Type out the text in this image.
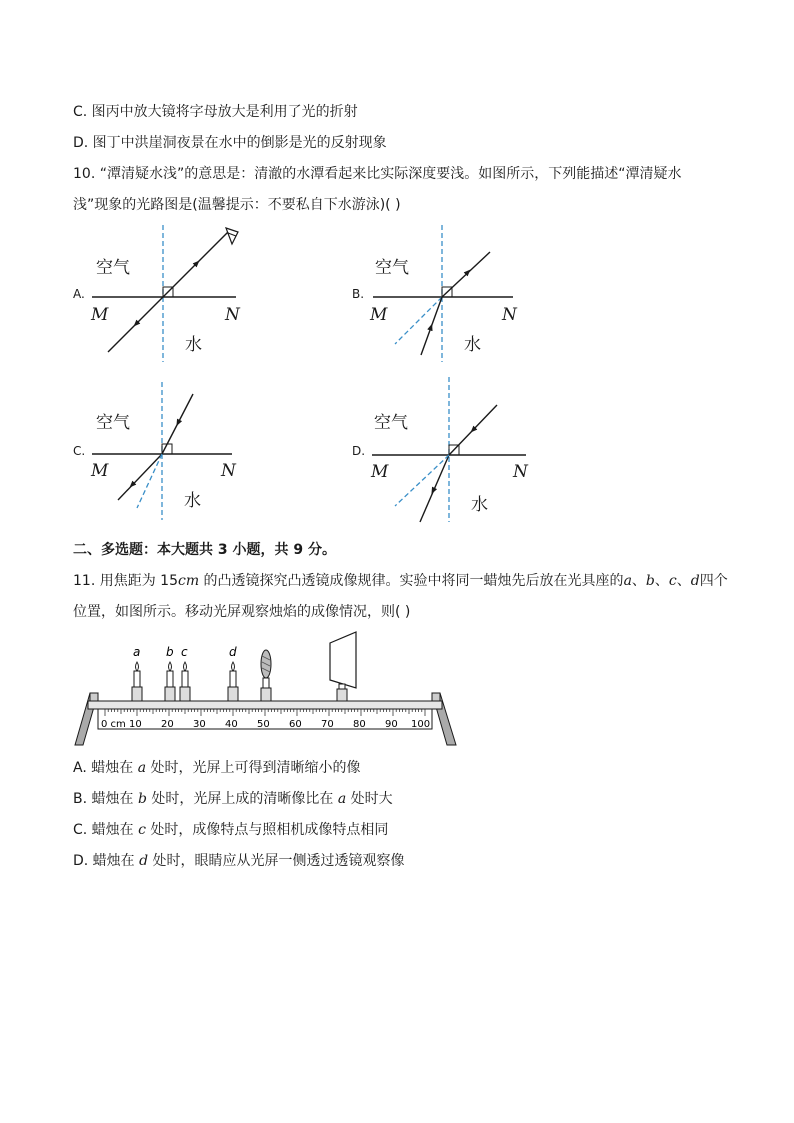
C. 图丙中放大镜将字母放大是利用了光的折射
D. 图丁中洪崖洞夜景在水中的倒影是光的反射现象
10. “潭清疑水浅”的意思是：清澈的水潭看起来比实际深度要浅。如图所示，下列能描述“潭清疑水
浅”现象的光路图是(温馨提示：不要私自下水游泳)( )
A.
空气
水
M	N
B.
空气
水
M	N
C.
空气
水
M	N
D.
空气
水
M	N
二、多选题：本大题共 3 小题，共 9 分。
11. 用焦距为 15cm 的凸透镜探究凸透镜成像规律。实验中将同一蜡烛先后放在光具座的a、b、c、d四个
位置，如图所示。移动光屏观察烛焰的成像情况，则( )
0 cm 10 20 30 40 50 60 70 80 90 100
a b c	d
A. 蜡烛在 a 处时，光屏上可得到清晰缩小的像
B. 蜡烛在 b 处时，光屏上成的清晰像比在 a 处时大
C. 蜡烛在 c 处时，成像特点与照相机成像特点相同
D. 蜡烛在 d 处时，眼睛应从光屏一侧透过透镜观察像
